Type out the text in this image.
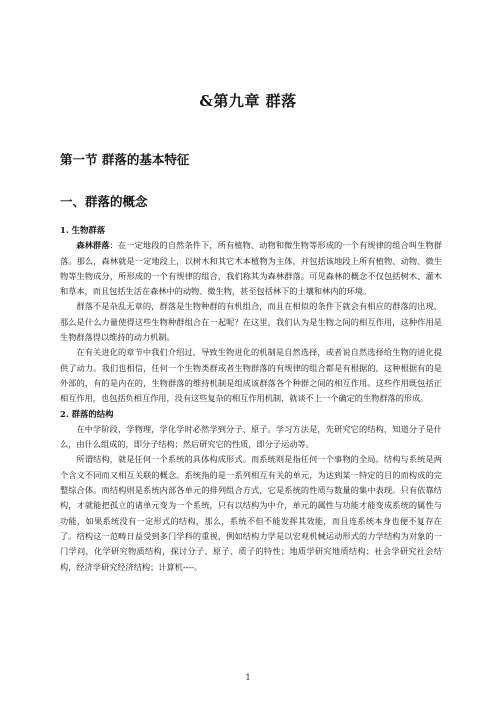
&第九章 群落
第一节 群落的基本特征
一、群落的概念

1. 生物群落

森林群落：在一定地段的自然条件下，所有植物、动物和微生物等形成的一个有规律的组合叫生物群落。那么，森林就是一定地段上，以树木和其它木本植物为主体，并包括该地段上所有植物、动物、微生物等生物成分，所形成的一个有规律的组合，我们称其为森林群落。可见森林的概念不仅包括树木、灌木和草本，而且包括生活在森林中的动物、微生物，甚至包括林下的土壤和林内的环境。

群落不是杂乱无章的，群落是生物种群的有机组合，而且在相似的条件下就会有相应的群落的出现，那么是什么力量使得这些生物种群组合在一起呢？在这里，我们认为是生物之间的相互作用，这种作用是生物群落得以维持的动力机制。

在有关进化的章节中我们介绍过，导致生物进化的机制是自然选择，或者说自然选择给生物的进化提供了动力。我们也相信，任何一个生物类群或者生物群落的有规律的组合都是有根据的，这种根据有的是外部的，有的是内在的，生物群落的维持机制是组成该群落各个种群之间的相互作用。这些作用既包括正相互作用，也包括负相互作用，没有这些复杂的相互作用机制，就谈不上一个确定的生物群落的形成。

2. 群落的结构

在中学阶段，学物理，学化学时必然学到分子、原子。学习方法是，先研究它的结构，知道分子是什么，由什么组成的，即分子结构；然后研究它的性质，即分子运动等。

所谓结构，就是任何一个系统的具体构成形式。而系统则是指任何一个事物的全局。结构与系统是两个含义不同而又相互关联的概念。系统指的是一系列相互有关的单元，为达到某一特定的目的而构成的完整综合体。而结构则是系统内部各单元的排列组合方式，它是系统的性质与数量的集中表现。只有依靠结构，才就能把孤立的诸单元变为一个系统，只有以结构为中介，单元的属性与功能才能变成系统的属性与功能，如果系统没有一定形式的结构，那么，系统不但不能发挥其效能，而且连系统本身也便不复存在了。结构这一范畴日益受到多门学科的重视，例如结构力学是以宏观机械运动形式的力学结构为对象的一门学问，化学研究物质结构，探讨分子、原子、质子的特性；地质学研究地质结构；社会学研究社会结构，经济学研究经济结构；计算机----。

1
